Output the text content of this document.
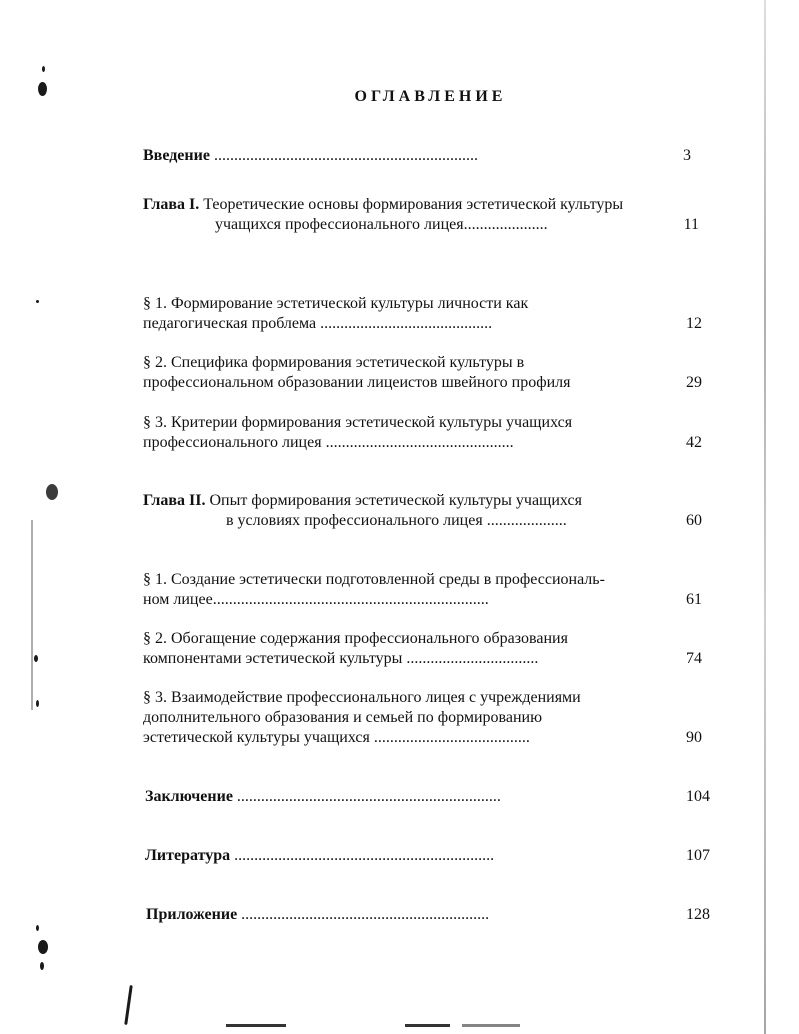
ОГЛАВЛЕНИЕ
Введение ..................................................................	3
Глава I. Теоретические основы формирования эстетической культуры
учащихся профессионального лицея.....................	11
§ 1. Формирование эстетической культуры личности как
педагогическая проблема ...........................................	12
§ 2. Специфика формирования эстетической культуры в
профессиональном образовании лицеистов швейного профиля	29
§ 3. Критерии формирования эстетической культуры учащихся
профессионального лицея ...............................................	42
Глава II. Опыт формирования эстетической культуры учащихся
в условиях профессионального лицея ....................	60
§ 1. Создание эстетически подготовленной среды в профессиональ-
ном лицее.....................................................................	61
§ 2. Обогащение содержания профессионального образования
компонентами эстетической культуры .................................	74
§ 3. Взаимодействие профессионального лицея с учреждениями
дополнительного образования и семьей по формированию
эстетической культуры учащихся .......................................	90
Заключение ..................................................................	104
Литература .................................................................	107
Приложение ..............................................................	128
